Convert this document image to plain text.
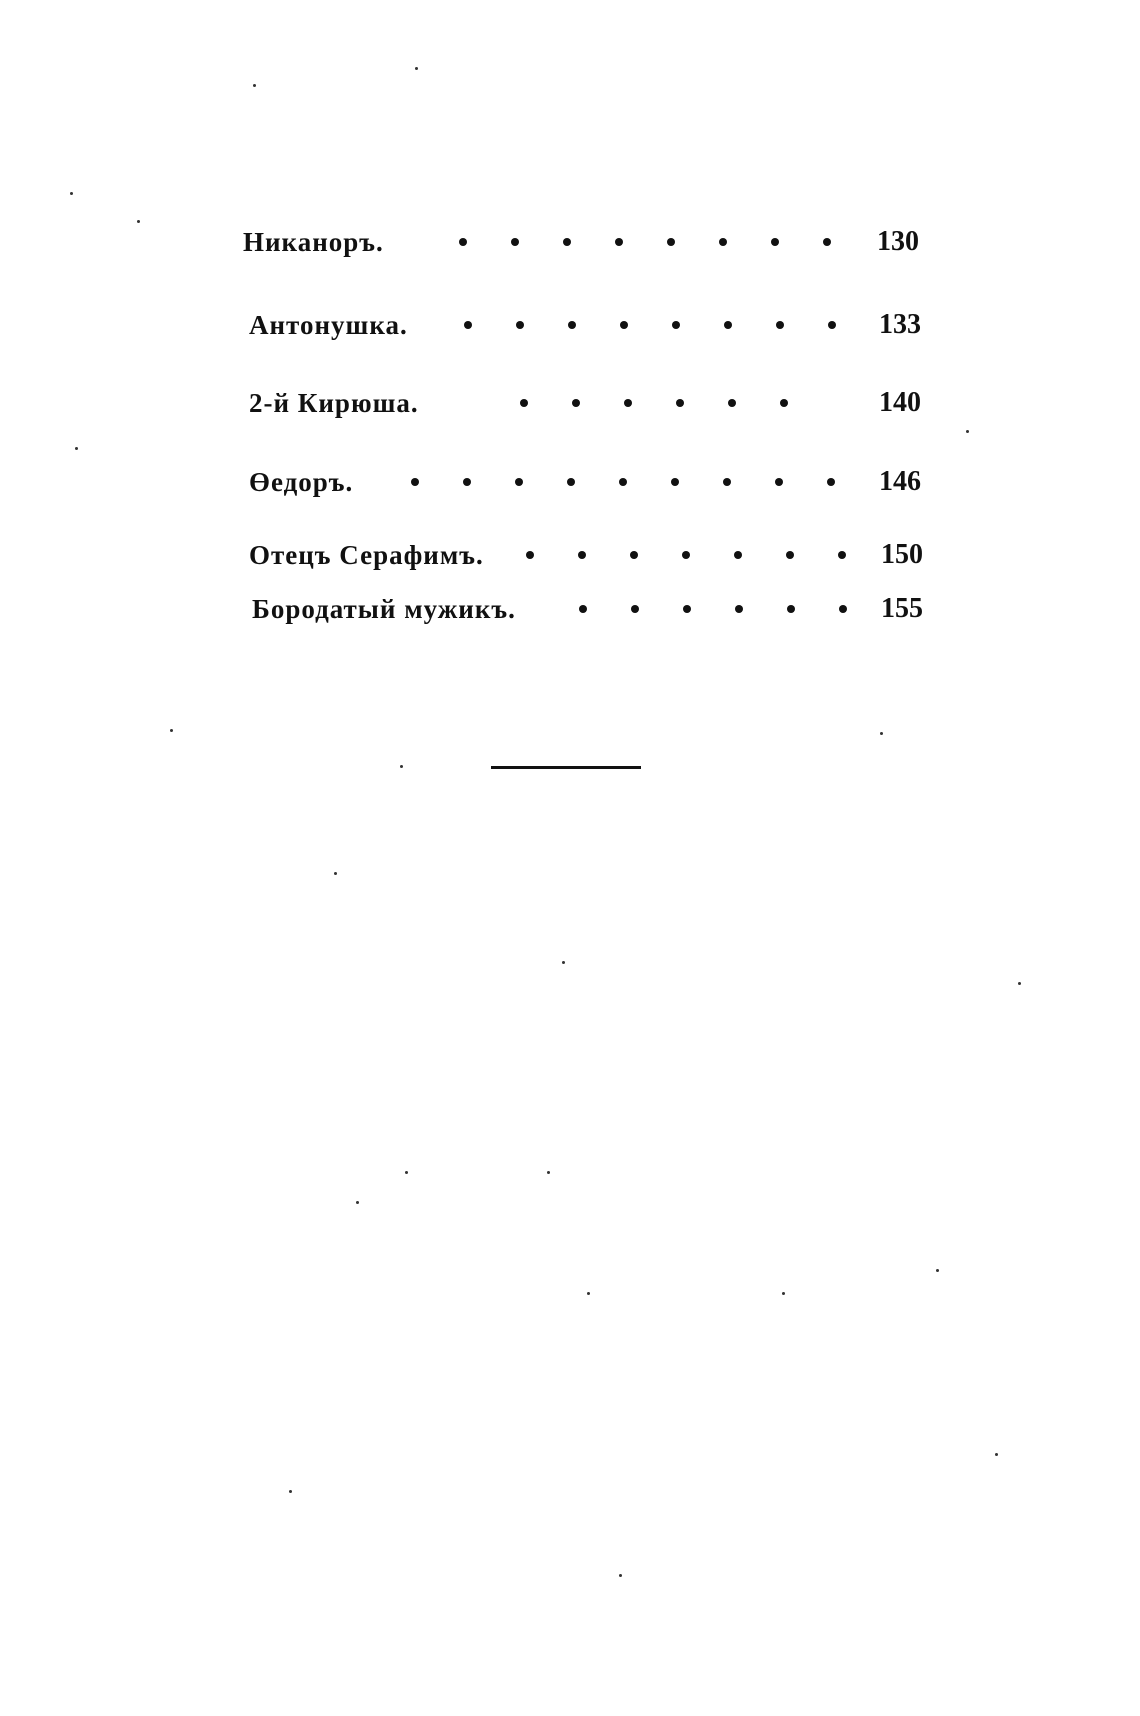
Никаноръ.	130
Антонушка.	133
2-й Кирюша.	140
Өедоръ.	146
Отецъ Серафимъ.	150
Бородатый мужикъ.	155
